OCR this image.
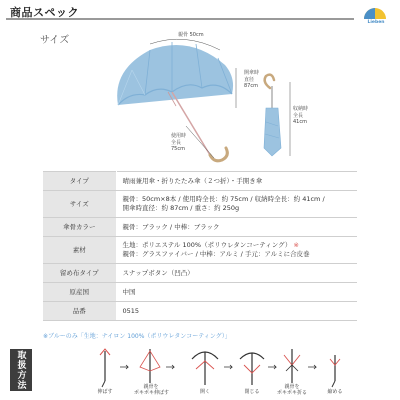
商品スペック
Lieben
サイズ	親骨 50cm
開傘時
直径
87cm
使用時
全長
75cm
収納時
全長
41cm
タイプ	晴雨兼用傘・折りたたみ傘（２つ折）・手開き傘
サイズ	親骨：50cm×8本 / 使用時全長：約 75cm / 収納時全長：約 41cm /
開傘時直径：約 87cm / 重さ：約 250g

傘骨カラー	親骨：ブラック / 中棒：ブラック
素材	生地：ポリエステル 100%（ポリウレタンコーティング） ※
親骨：グラスファイバー / 中棒：アルミ / 手元：アルミに合皮巻

留め布タイプ	スナップボタン（凹凸）
原産国	中国
品番	0515
※ブルーのみ「生地：ナイロン 100%（ポリウレタンコーティング）」
取扱方法
伸ばす
親骨を
ポキポキ伸ばす	開く	閉じる
親骨を
ポキポキ折る	縮める
